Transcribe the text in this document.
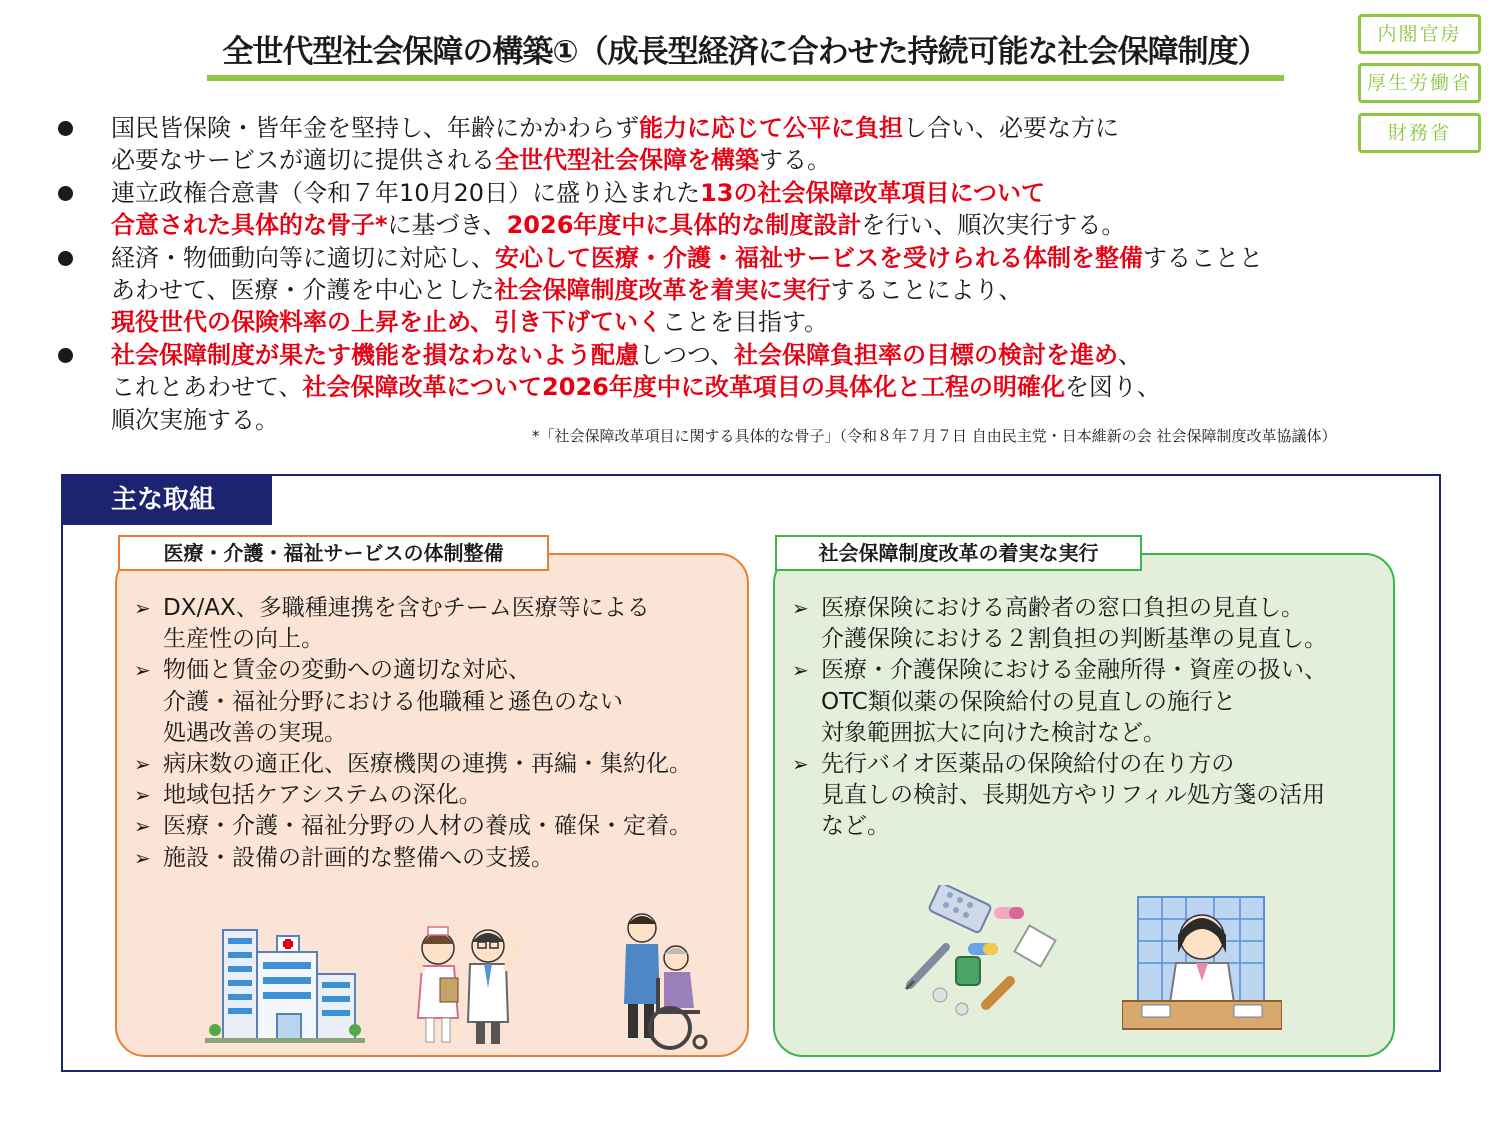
全世代型社会保障の構築①（成長型経済に合わせた持続可能な社会保障制度）	内閣官房
厚生労働省
財務省
国民皆保険・皆年金を堅持し、年齢にかかわらず能力に応じて公平に負担し合い、必要な方に
必要なサービスが適切に提供される全世代型社会保障を構築する。
連立政権合意書（令和７年10月20日）に盛り込まれた13の社会保障改革項目について
合意された具体的な骨子*に基づき、2026年度中に具体的な制度設計を行い、順次実行する。
経済・物価動向等に適切に対応し、安心して医療・介護・福祉サービスを受けられる体制を整備することと
あわせて、医療・介護を中心とした社会保障制度改革を着実に実行することにより、
現役世代の保険料率の上昇を止め、引き下げていくことを目指す。
社会保障制度が果たす機能を損なわないよう配慮しつつ、社会保障負担率の目標の検討を進め、
これとあわせて、社会保障改革について2026年度中に改革項目の具体化と工程の明確化を図り、
順次実施する。
*「社会保障改革項目に関する具体的な骨子」（令和８年７月７日 自由民主党・日本維新の会 社会保障制度改革協議体）
主な取組
医療・介護・福祉サービスの体制整備	社会保障制度改革の着実な実行
➢ DX/AX、多職種連携を含むチーム医療等による
生産性の向上。
➢ 物価と賃金の変動への適切な対応、
介護・福祉分野における他職種と遜色のない
処遇改善の実現。
➢ 病床数の適正化、医療機関の連携・再編・集約化。
➢ 地域包括ケアシステムの深化。
➢ 医療・介護・福祉分野の人材の養成・確保・定着。
➢ 施設・設備の計画的な整備への支援。
➢ 医療保険における高齢者の窓口負担の見直し。
介護保険における２割負担の判断基準の見直し。
➢ 医療・介護保険における金融所得・資産の扱い、
OTC類似薬の保険給付の見直しの施行と
対象範囲拡大に向けた検討など。
➢ 先行バイオ医薬品の保険給付の在り方の
見直しの検討、長期処方やリフィル処方箋の活用
など。
